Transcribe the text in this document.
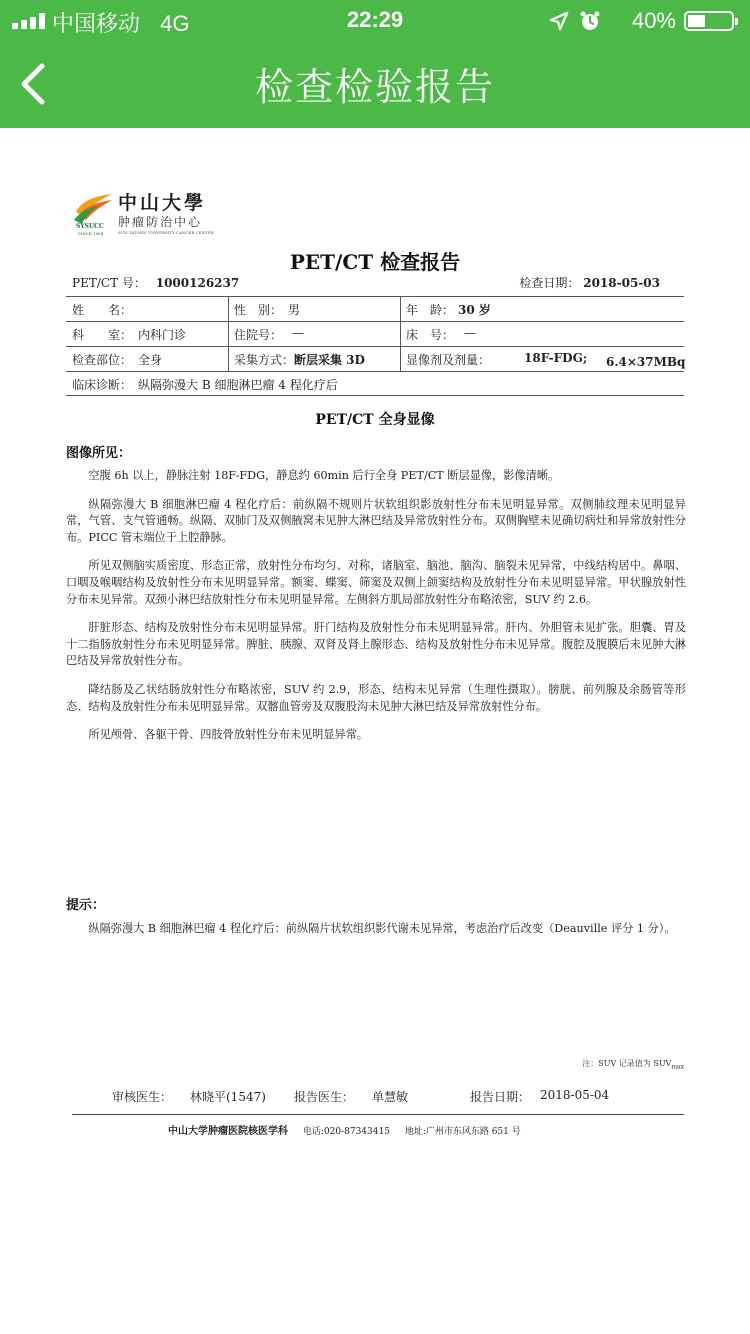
中国移动 4G	22:29	40%
检查检验报告
SYSUCC
SINCE 1964
中山大學
肿瘤防治中心
SUN YAT-SEN UNIVERSITY CANCER CENTER
PET/CT 检查报告
PET/CT 号： 1000126237	检查日期： 2018-05-03
姓　　名：	性　别： 男	年　龄： 30 岁
科　　室： 内科门诊	住院号： —	床　号： —
检查部位： 全身	采集方式： 断层采集 3D	显像剂及剂量：	18F-FDG; 6.4×37MBq
临床诊断： 纵隔弥漫大 B 细胞淋巴瘤 4 程化疗后
PET/CT 全身显像
图像所见：

空腹 6h 以上，静脉注射 18F-FDG，静息约 60min 后行全身 PET/CT 断层显像，影像清晰。

纵隔弥漫大 B 细胞淋巴瘤 4 程化疗后：前纵隔不规则片状软组织影放射性分布未见明显异常。双侧肺纹理未见明显异常，气管、支气管通畅。纵隔、双肺门及双侧腋窝未见肿大淋巴结及异常放射性分布。双侧胸壁未见确切病灶和异常放射性分布。PICC 管末端位于上腔静脉。

所见双侧脑实质密度、形态正常，放射性分布均匀、对称，诸脑室、脑池、脑沟、脑裂未见异常，中线结构居中。鼻咽、口咽及喉咽结构及放射性分布未见明显异常。额窦、蝶窦、筛窦及双侧上颌窦结构及放射性分布未见明显异常。甲状腺放射性分布未见异常。双颈小淋巴结放射性分布未见明显异常。左侧斜方肌局部放射性分布略浓密，SUV 约 2.6。

肝脏形态、结构及放射性分布未见明显异常。肝门结构及放射性分布未见明显异常。肝内、外胆管未见扩张。胆囊、胃及十二指肠放射性分布未见明显异常。脾脏、胰腺、双肾及肾上腺形态、结构及放射性分布未见异常。腹腔及腹膜后未见肿大淋巴结及异常放射性分布。

降结肠及乙状结肠放射性分布略浓密，SUV 约 2.9，形态、结构未见异常（生理性摄取）。膀胱、前列腺及余肠管等形态、结构及放射性分布未见明显异常。双髂血管旁及双腹股沟未见肿大淋巴结及异常放射性分布。

所见颅骨、各躯干骨、四肢骨放射性分布未见明显异常。

提示：
纵隔弥漫大 B 细胞淋巴瘤 4 程化疗后：前纵隔片状软组织影代谢未见异常，考虑治疗后改变（Deauville 评分 1 分）。
注：SUV 记录值为 $SUV_{max}$
审核医生： 林晓平(1547) 报告医生： 单慧敏	报告日期： 2018-05-04
中山大学肿瘤医院核医学科 电话:020-87343415 地址:广州市东风东路 651 号
